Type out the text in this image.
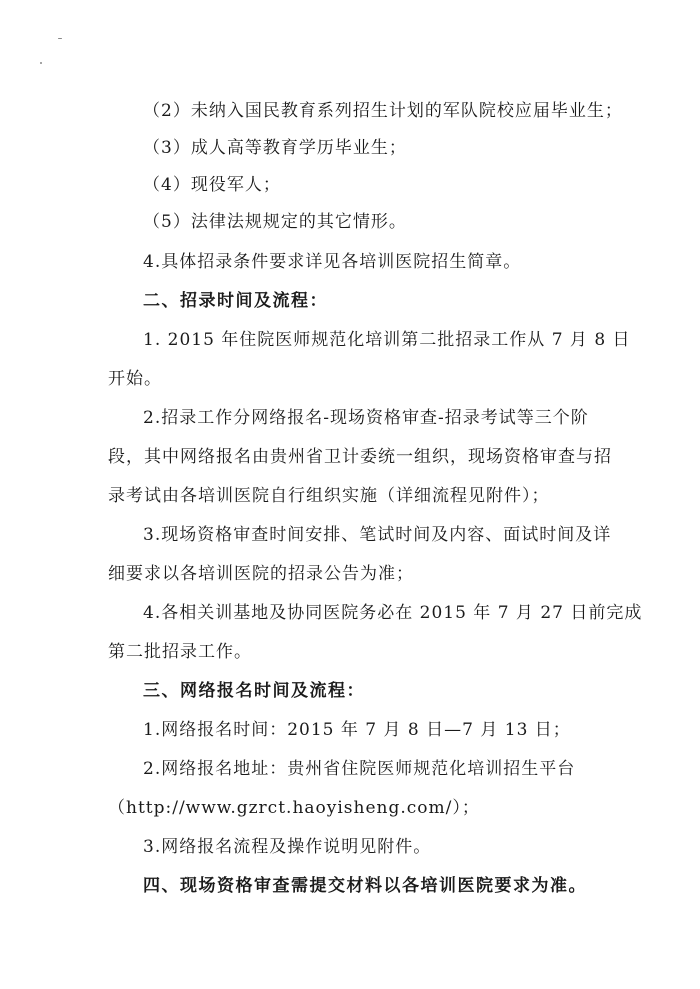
（2）未纳入国民教育系列招生计划的军队院校应届毕业生；
（3）成人高等教育学历毕业生；
（4）现役军人；
（5）法律法规规定的其它情形。
4.具体招录条件要求详见各培训医院招生简章。
二、招录时间及流程：
1. 2015 年住院医师规范化培训第二批招录工作从 7 月 8 日
开始。
2.招录工作分网络报名-现场资格审查-招录考试等三个阶
段，其中网络报名由贵州省卫计委统一组织，现场资格审查与招
录考试由各培训医院自行组织实施（详细流程见附件）；
3.现场资格审查时间安排、笔试时间及内容、面试时间及详
细要求以各培训医院的招录公告为准；
4.各相关训基地及协同医院务必在 2015 年 7 月 27 日前完成
第二批招录工作。
三、网络报名时间及流程：
1.网络报名时间：2015 年 7 月 8 日—7 月 13 日；
2.网络报名地址：贵州省住院医师规范化培训招生平台
（http://www.gzrct.haoyisheng.com/）；
3.网络报名流程及操作说明见附件。
四、现场资格审查需提交材料以各培训医院要求为准。
